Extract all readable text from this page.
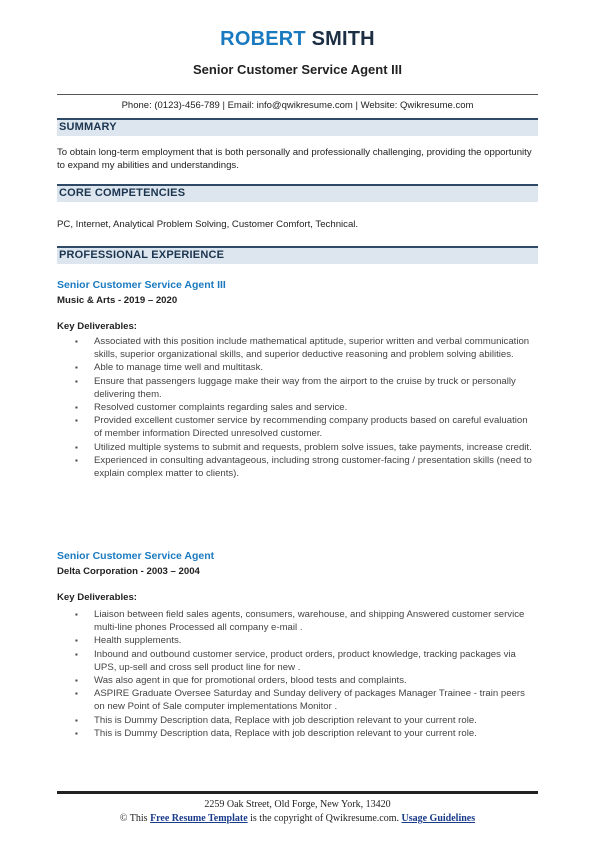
ROBERT SMITH
Senior Customer Service Agent III
Phone: (0123)-456-789 | Email: info@qwikresume.com | Website: Qwikresume.com
SUMMARY
To obtain long-term employment that is both personally and professionally challenging, providing the opportunity to expand my abilities and understandings.
CORE COMPETENCIES
PC, Internet, Analytical Problem Solving, Customer Comfort, Technical.
PROFESSIONAL EXPERIENCE
Senior Customer Service Agent III
Music & Arts - 2019 – 2020
Key Deliverables:
▪ Associated with this position include mathematical aptitude, superior written and verbal communication skills, superior organizational skills, and superior deductive reasoning and problem solving abilities.
▪ Able to manage time well and multitask.
▪ Ensure that passengers luggage make their way from the airport to the cruise by truck or personally delivering them.
▪ Resolved customer complaints regarding sales and service.
▪ Provided excellent customer service by recommending company products based on careful evaluation of member information Directed unresolved customer.
▪ Utilized multiple systems to submit and requests, problem solve issues, take payments, increase credit.
▪ Experienced in consulting advantageous, including strong customer-facing / presentation skills (need to explain complex matter to clients).
Senior Customer Service Agent
Delta Corporation - 2003 – 2004
Key Deliverables:
▪ Liaison between field sales agents, consumers, warehouse, and shipping Answered customer service multi-line phones Processed all company e-mail .
▪ Health supplements.
▪ Inbound and outbound customer service, product orders, product knowledge, tracking packages via UPS, up-sell and cross sell product line for new .
▪ Was also agent in que for promotional orders, blood tests and complaints.
▪ ASPIRE Graduate Oversee Saturday and Sunday delivery of packages Manager Trainee - train peers on new Point of Sale computer implementations Monitor .
▪ This is Dummy Description data, Replace with job description relevant to your current role.
▪ This is Dummy Description data, Replace with job description relevant to your current role.
2259 Oak Street, Old Forge, New York, 13420
© This Free Resume Template is the copyright of Qwikresume.com. Usage Guidelines
